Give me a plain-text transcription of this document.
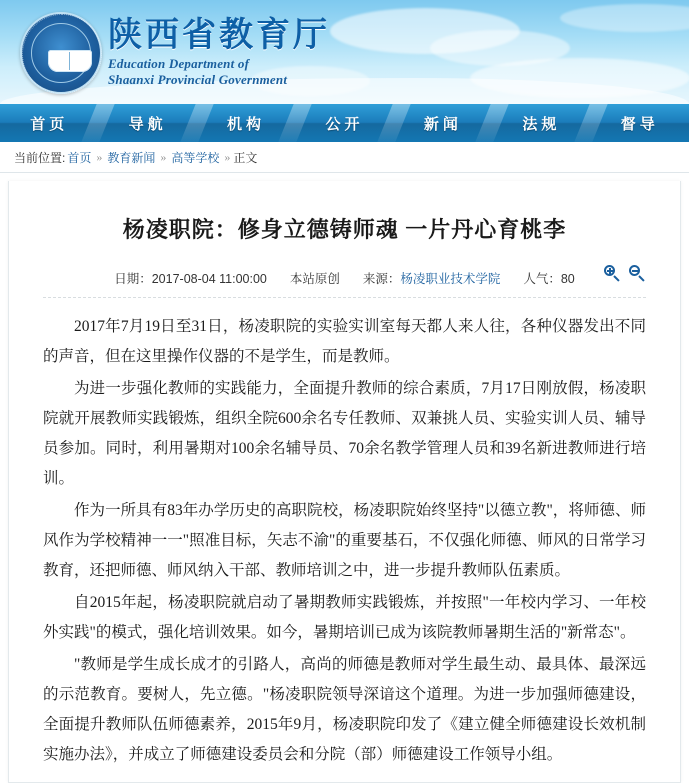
陕西省教育厅
Education Department of
Shaanxi Provincial Government
首页	导航	机构	公开	新闻	法规	督导
当前位置: 首页 » 教育新闻 » 高等学校 » 正文
杨凌职院：修身立德铸师魂 一片丹心育桃李
日期：2017-08-04 11:00:00 本站原创 来源：杨凌职业技术学院 人气：80

2017年7月19日至31日，杨凌职院的实验实训室每天都人来人往，各种仪器发出不同的声音，但在这里操作仪器的不是学生，而是教师。

为进一步强化教师的实践能力，全面提升教师的综合素质，7月17日刚放假，杨凌职院就开展教师实践锻炼，组织全院600余名专任教师、双兼挑人员、实验实训人员、辅导员参加。同时，利用暑期对100余名辅导员、70余名教学管理人员和39名新进教师进行培训。

作为一所具有83年办学历史的高职院校，杨凌职院始终坚持"以德立教"，将师德、师风作为学校精神一一"照准目标，矢志不渝"的重要基石，不仅强化师德、师风的日常学习教育，还把师德、师风纳入干部、教师培训之中，进一步提升教师队伍素质。

自2015年起，杨凌职院就启动了暑期教师实践锻炼，并按照"一年校内学习、一年校外实践"的模式，强化培训效果。如今，暑期培训已成为该院教师暑期生活的"新常态"。

"教师是学生成长成才的引路人，高尚的师德是教师对学生最生动、最具体、最深远的示范教育。要树人，先立德。"杨凌职院领导深谙这个道理。为进一步加强师德建设，全面提升教师队伍师德素养，2015年9月，杨凌职院印发了《建立健全师德建设长效机制实施办法》，并成立了师德建设委员会和分院（部）师德建设工作领导小组。
